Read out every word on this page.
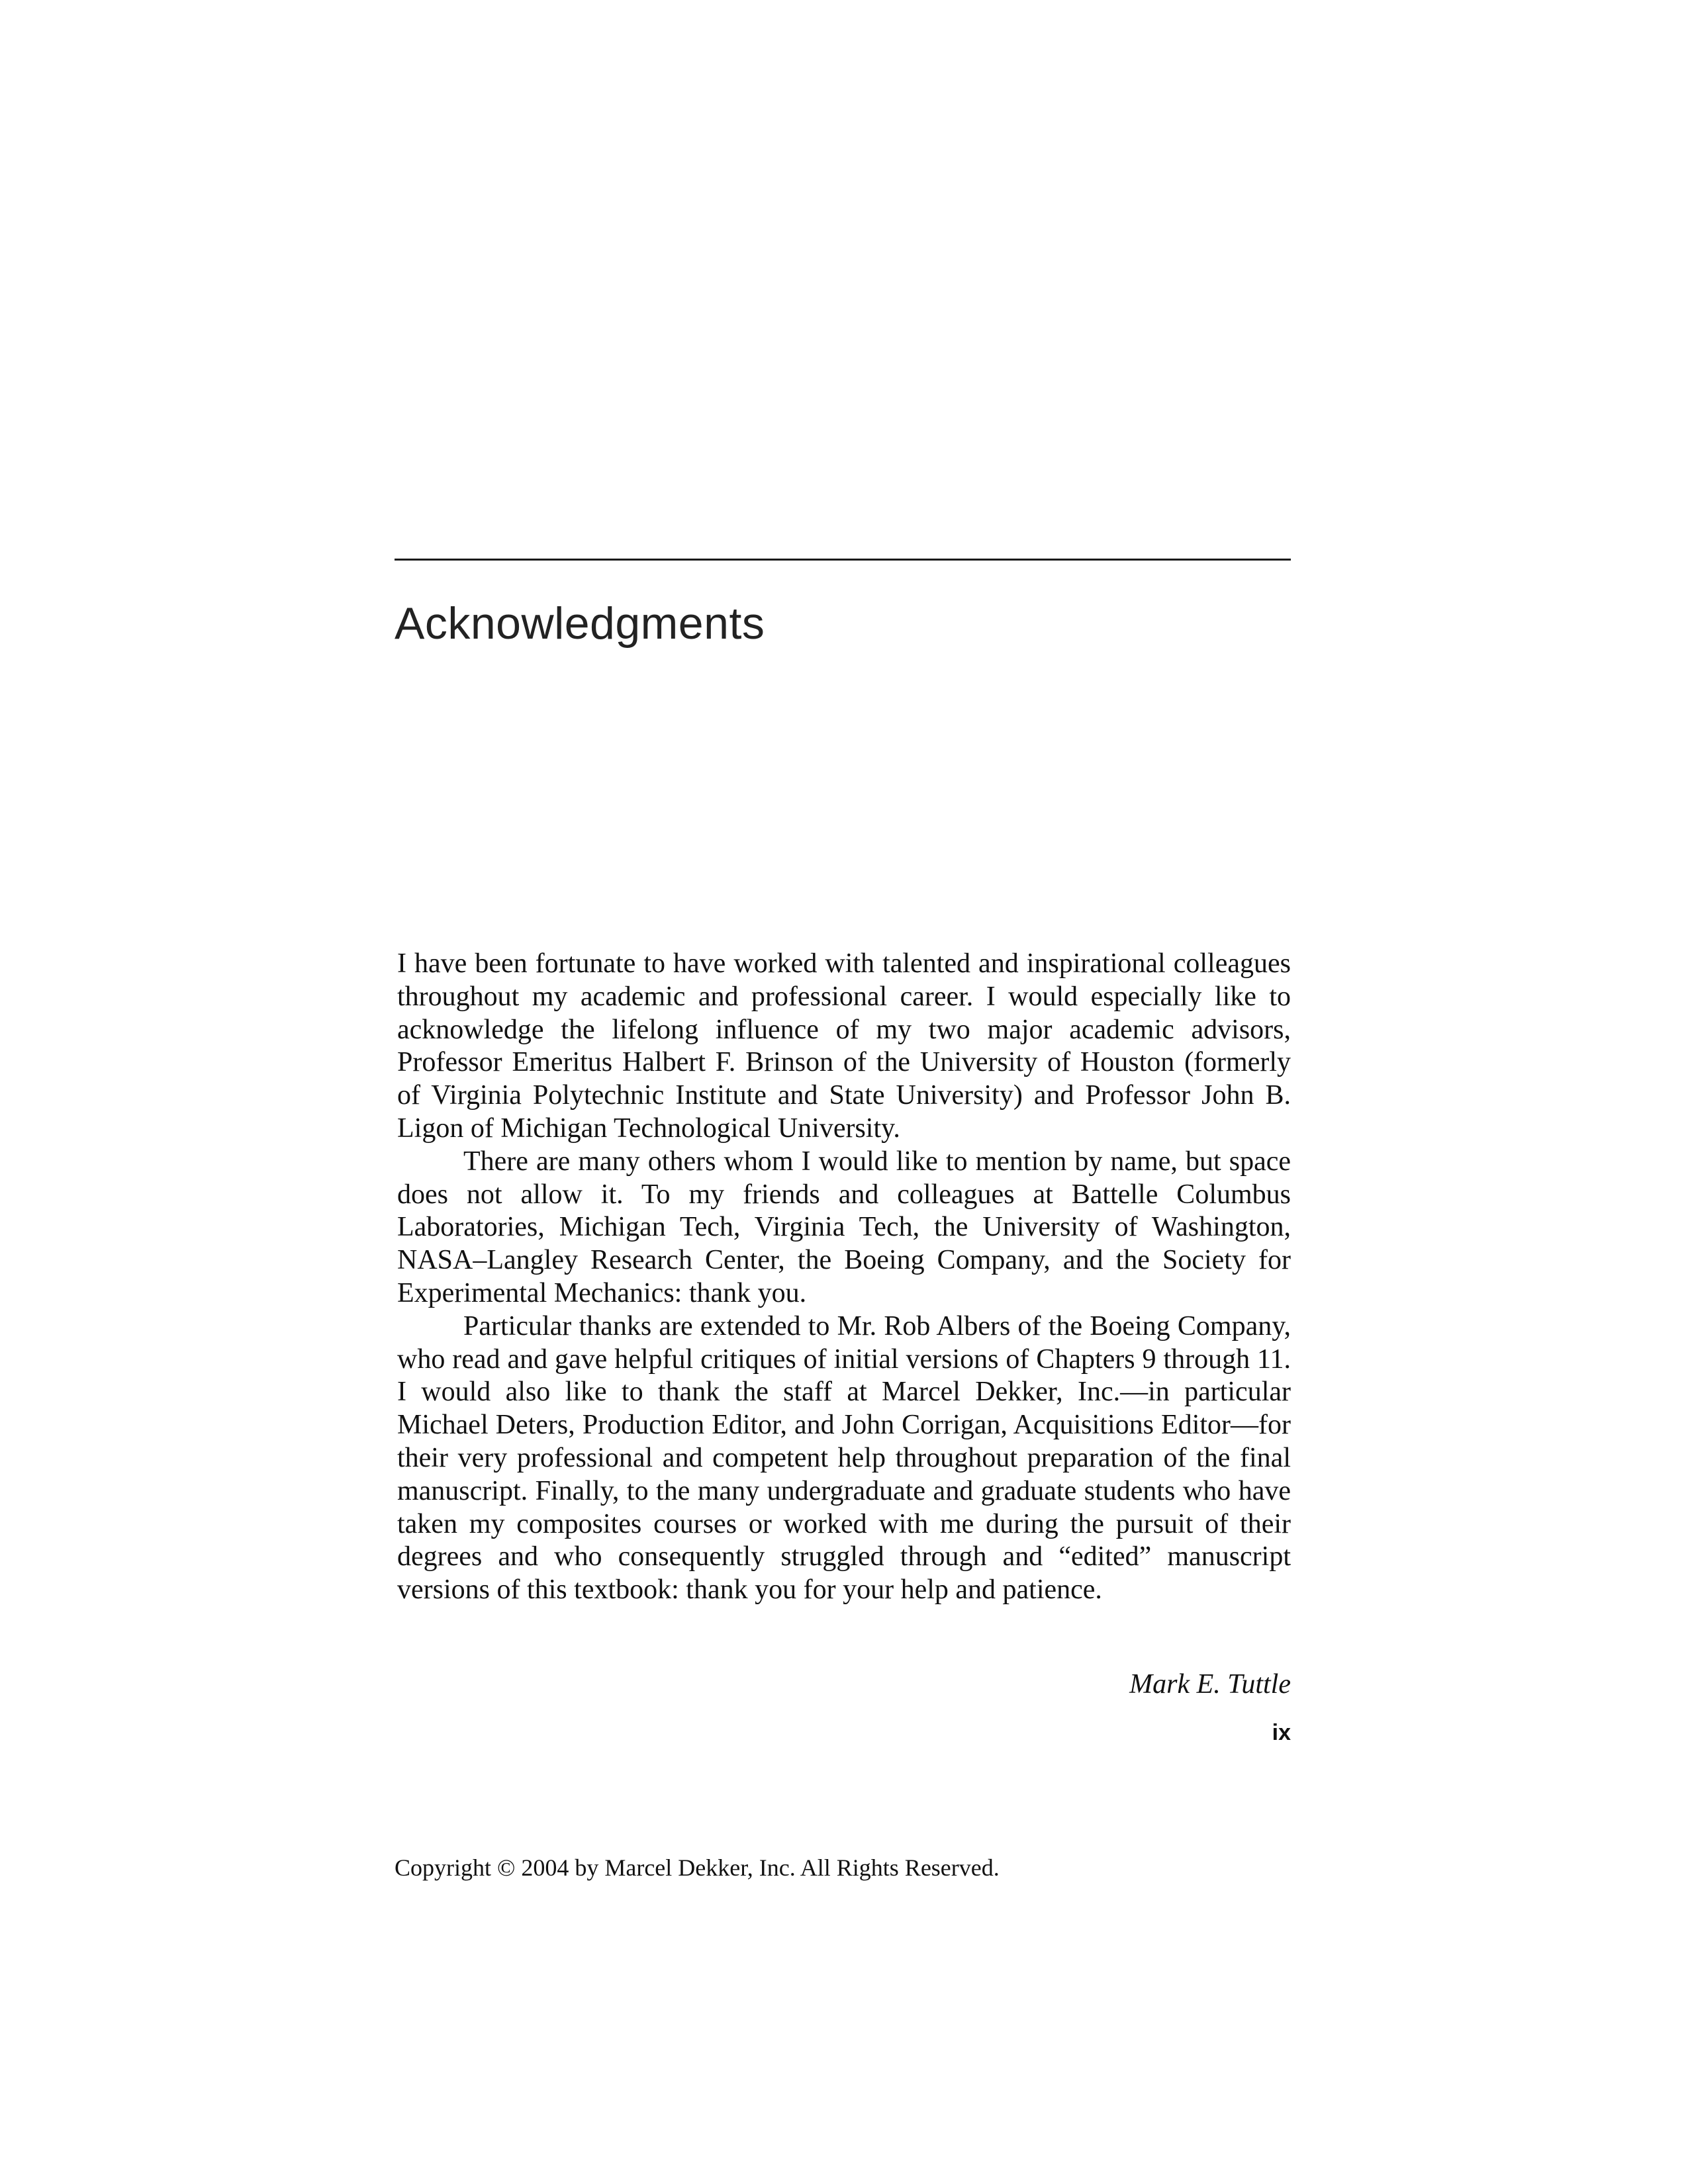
Acknowledgments

I have been fortunate to have worked with talented and inspirational colleagues throughout my academic and professional career. I would especially like to acknowledge the lifelong influence of my two major academic advisors, Professor Emeritus Halbert F. Brinson of the University of Houston (formerly of Virginia Polytechnic Institute and State University) and Professor John B. Ligon of Michigan Technological University.

There are many others whom I would like to mention by name, but space does not allow it. To my friends and colleagues at Battelle Columbus Laboratories, Michigan Tech, Virginia Tech, the University of Washington, NASA–Langley Research Center, the Boeing Company, and the Society for Experimental Mechanics: thank you.

Particular thanks are extended to Mr. Rob Albers of the Boeing Company, who read and gave helpful critiques of initial versions of Chapters 9 through 11. I would also like to thank the staff at Marcel Dekker, Inc.—in particular Michael Deters, Production Editor, and John Corrigan, Acquisitions Editor—for their very professional and competent help throughout preparation of the final manuscript. Finally, to the many undergraduate and graduate students who have taken my composites courses or worked with me during the pursuit of their degrees and who consequently struggled through and “edited” manuscript versions of this textbook: thank you for your help and patience.

Mark E. Tuttle
ix
Copyright © 2004 by Marcel Dekker, Inc. All Rights Reserved.
